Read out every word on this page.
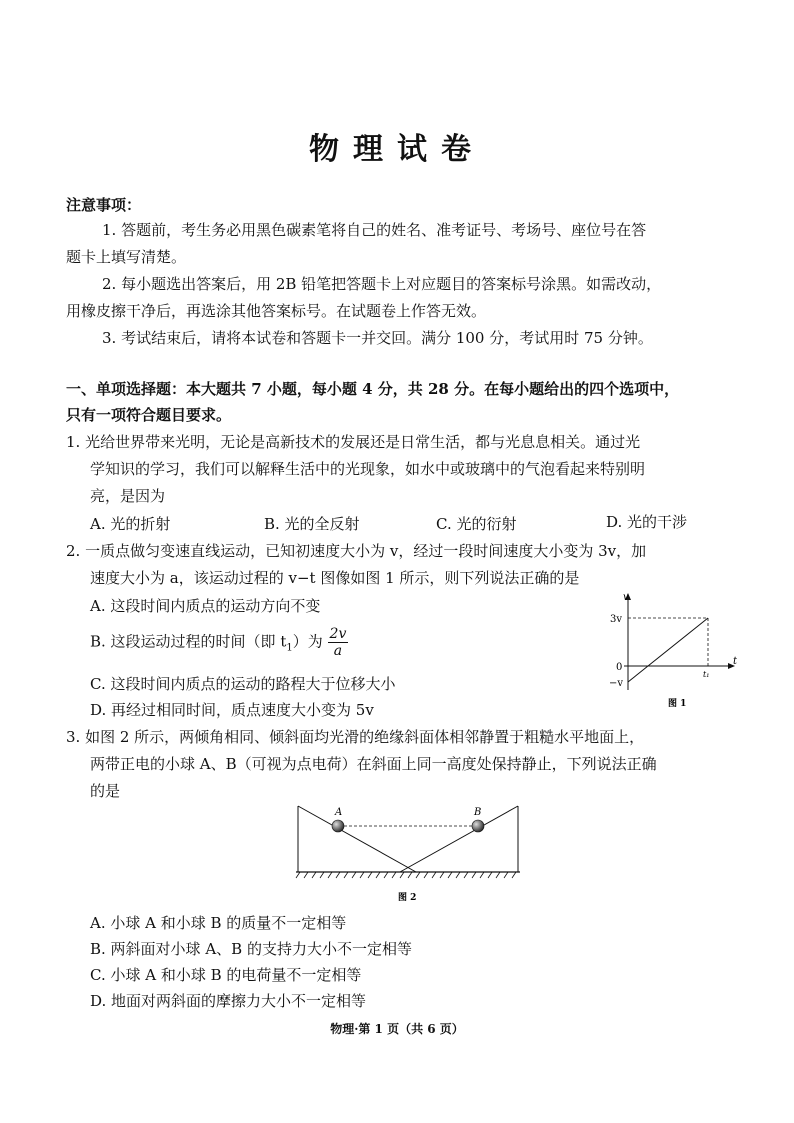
物理试卷
注意事项：
1. 答题前，考生务必用黑色碳素笔将自己的姓名、准考证号、考场号、座位号在答
题卡上填写清楚。
2. 每小题选出答案后，用 2B 铅笔把答题卡上对应题目的答案标号涂黑。如需改动，
用橡皮擦干净后，再选涂其他答案标号。在试题卷上作答无效。
3. 考试结束后，请将本试卷和答题卡一并交回。满分 100 分，考试用时 75 分钟。
一、单项选择题：本大题共 7 小题，每小题 4 分，共 28 分。在每小题给出的四个选项中，
只有一项符合题目要求。
1. 光给世界带来光明，无论是高新技术的发展还是日常生活，都与光息息相关。通过光
学知识的学习，我们可以解释生活中的光现象，如水中或玻璃中的气泡看起来特别明
亮，是因为
A. 光的折射	B. 光的全反射	C. 光的衍射	D. 光的干涉
2. 一质点做匀变速直线运动，已知初速度大小为 v，经过一段时间速度大小变为 3v，加
速度大小为 a，该运动过程的 v−t 图像如图 1 所示，则下列说法正确的是
A. 这段时间内质点的运动方向不变
B. 这段运动过程的时间（即 $t_1$）为 $\frac{2v}{a}$
C. 这段时间内质点的运动的路程大于位移大小
D. 再经过相同时间，质点速度大小变为 5v
v
t
3v
0
−v
t₁
图 1
3. 如图 2 所示，两倾角相同、倾斜面均光滑的绝缘斜面体相邻静置于粗糙水平地面上，
两带正电的小球 A、B（可视为点电荷）在斜面上同一高度处保持静止，下列说法正确
的是
A	B
图 2
A. 小球 A 和小球 B 的质量不一定相等
B. 两斜面对小球 A、B 的支持力大小不一定相等
C. 小球 A 和小球 B 的电荷量不一定相等
D. 地面对两斜面的摩擦力大小不一定相等
物理·第 1 页（共 6 页）
